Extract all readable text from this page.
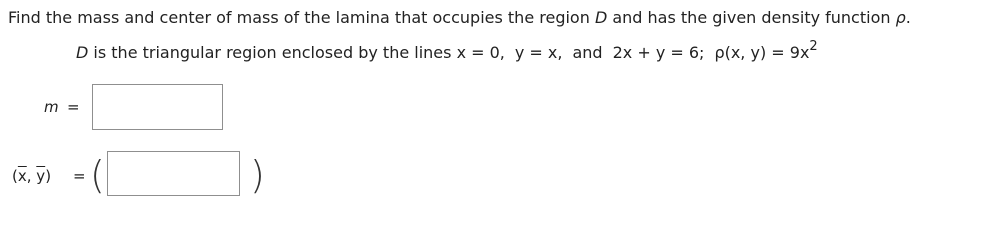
Find the mass and center of mass of the lamina that occupies the region D and has the given density function ρ.
D is the triangular region enclosed by the lines x = 0, y = x, and 2x + y = 6; ρ(x, $y) = 9x^2$
m =
($\overline{x}$, $\overline{y}$) = (	)
